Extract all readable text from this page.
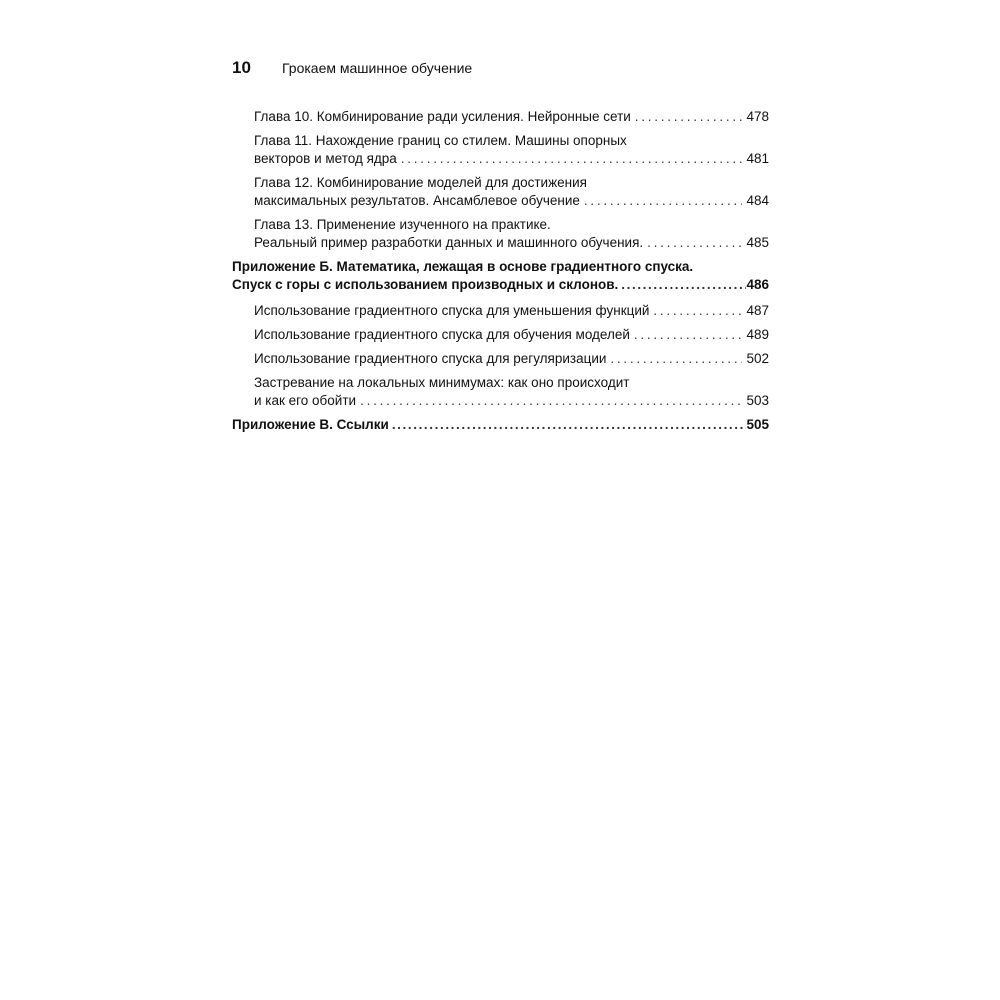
10	Грокаем машинное обучение
Глава 10. Комбинирование ради усиления. Нейронные сети . . .	478
Глава 11. Нахождение границ со стилем. Машины опорных
векторов и метод ядра . . .	481
Глава 12. Комбинирование моделей для достижения
максимальных результатов. Ансамблевое обучение . . .	484
Глава 13. Применение изученного на практике.
Реальный пример разработки данных и машинного обучения. . . .	485
Приложение Б. Математика, лежащая в основе градиентного спуска.
Спуск с горы с использованием производных и склонов. .....	486
Использование градиентного спуска для уменьшения функций . . .	487
Использование градиентного спуска для обучения моделей . . .	489
Использование градиентного спуска для регуляризации . . .	502
Застревание на локальных минимумах: как оно происходит
и как его обойти . . .	503
Приложение В. Ссылки .....	505
